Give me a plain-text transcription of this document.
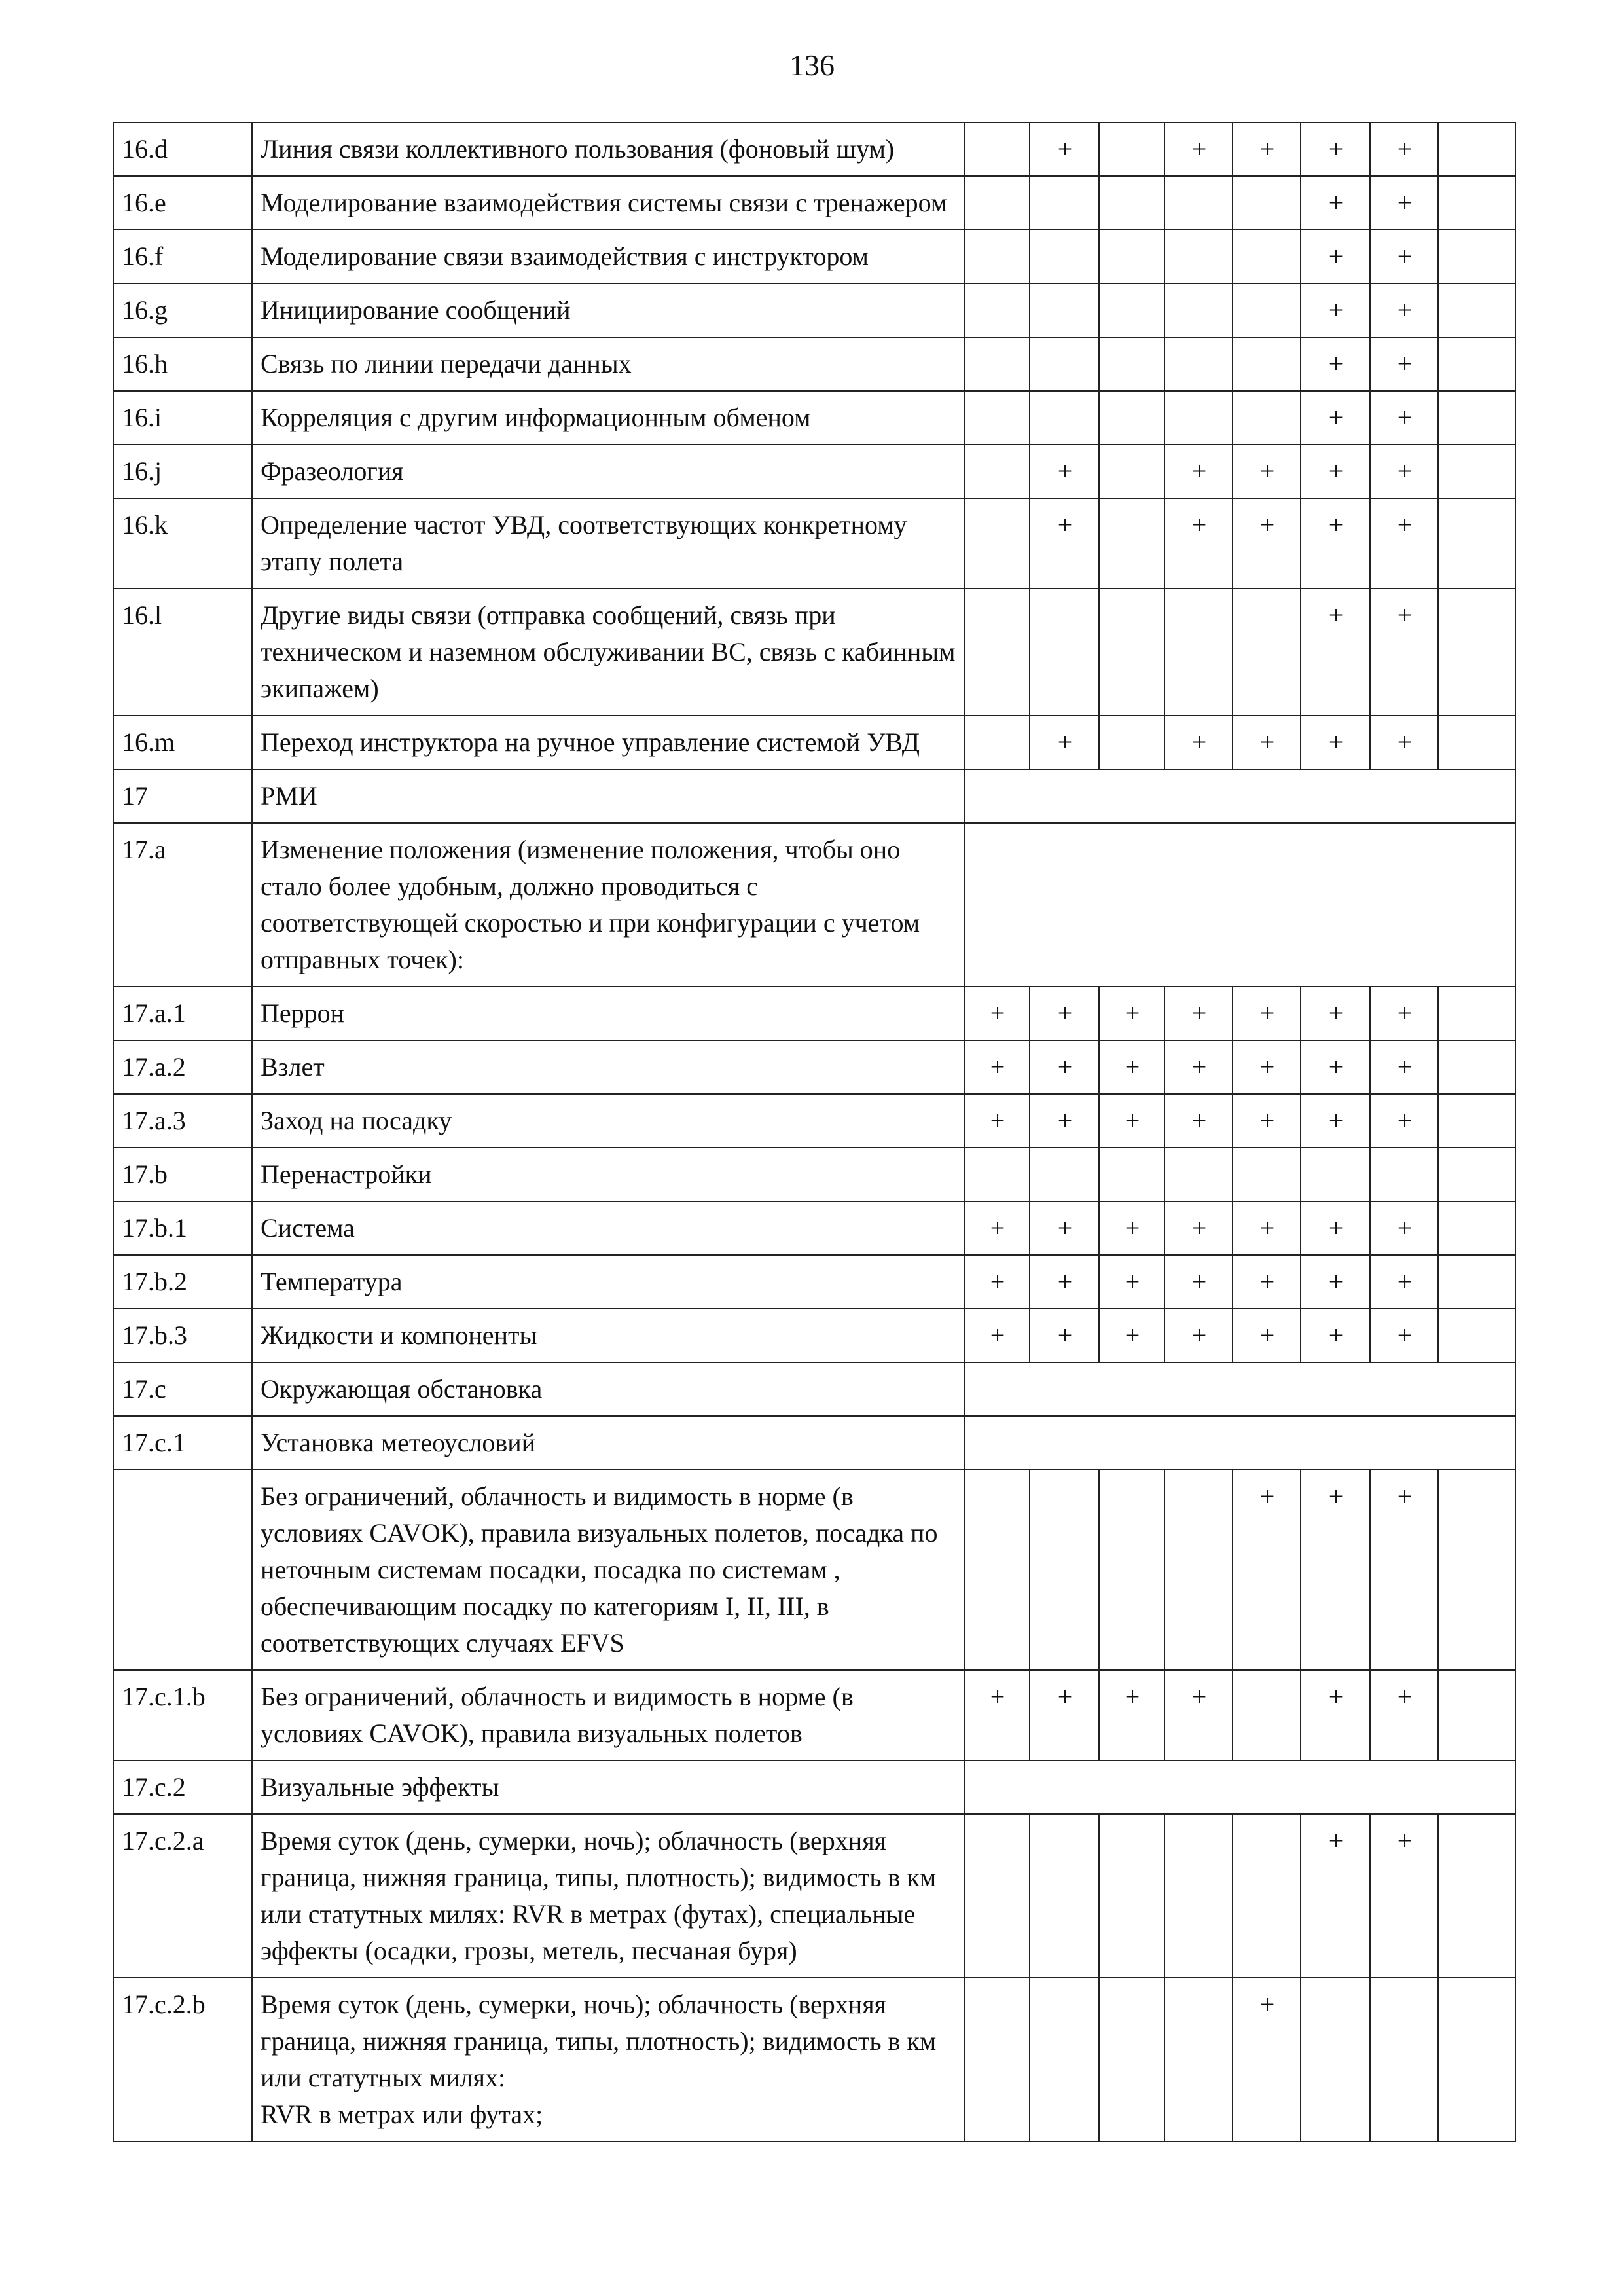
136
16.d	Линия связи коллективного пользования (фоновый шум)		+		+	+	+	+	
16.e	Моделирование взаимодействия системы связи с тренажером						+	+	
16.f	Моделирование связи взаимодействия с инструктором						+	+	
16.g	Инициирование сообщений						+	+	
16.h	Связь по линии передачи данных						+	+	
16.i	Корреляция с другим информационным обменом						+	+	
16.j	Фразеология		+		+	+	+	+	
16.k	Определение частот УВД, соответствующих конкретному этапу полета		+		+	+	+	+	
16.l	Другие виды связи (отправка сообщений, связь при техническом и наземном обслуживании ВС, связь с кабинным экипажем)						+	+	
16.m	Переход инструктора на ручное управление системой УВД		+		+	+	+	+	
17	РМИ								
17.a	Изменение положения (изменение положения, чтобы оно стало более удобным, должно проводиться с соответствующей скоростью и при конфигурации с учетом отправных точек):								
17.a.1	Перрон	+	+	+	+	+	+	+	
17.a.2	Взлет	+	+	+	+	+	+	+	
17.a.3	Заход на посадку	+	+	+	+	+	+	+	
17.b	Перенастройки								
17.b.1	Система	+	+	+	+	+	+	+	
17.b.2	Температура	+	+	+	+	+	+	+	
17.b.3	Жидкости и компоненты	+	+	+	+	+	+	+	
17.c	Окружающая обстановка								
17.c.1	Установка метеоусловий								
	Без ограничений, облачность и видимость в норме (в условиях CAVOK), правила визуальных полетов, посадка по неточным системам посадки, посадка по системам , обеспечивающим посадку по категориям I, II, III, в соответствующих случаях EFVS					+	+	+	
17.c.1.b	Без ограничений, облачность и видимость в норме (в условиях CAVOK), правила визуальных полетов	+	+	+	+		+	+	
17.c.2	Визуальные эффекты								
17.c.2.a	Время суток (день, сумерки, ночь); облачность (верхняя граница, нижняя граница, типы, плотность); видимость в км или статутных милях: RVR в метрах (футах), специальные эффекты (осадки, грозы, метель, песчаная буря)						+	+	
17.c.2.b	Время суток (день, сумерки, ночь); облачность (верхняя граница, нижняя граница, типы, плотность); видимость в км или статутных милях:
RVR в метрах или футах;					+			
